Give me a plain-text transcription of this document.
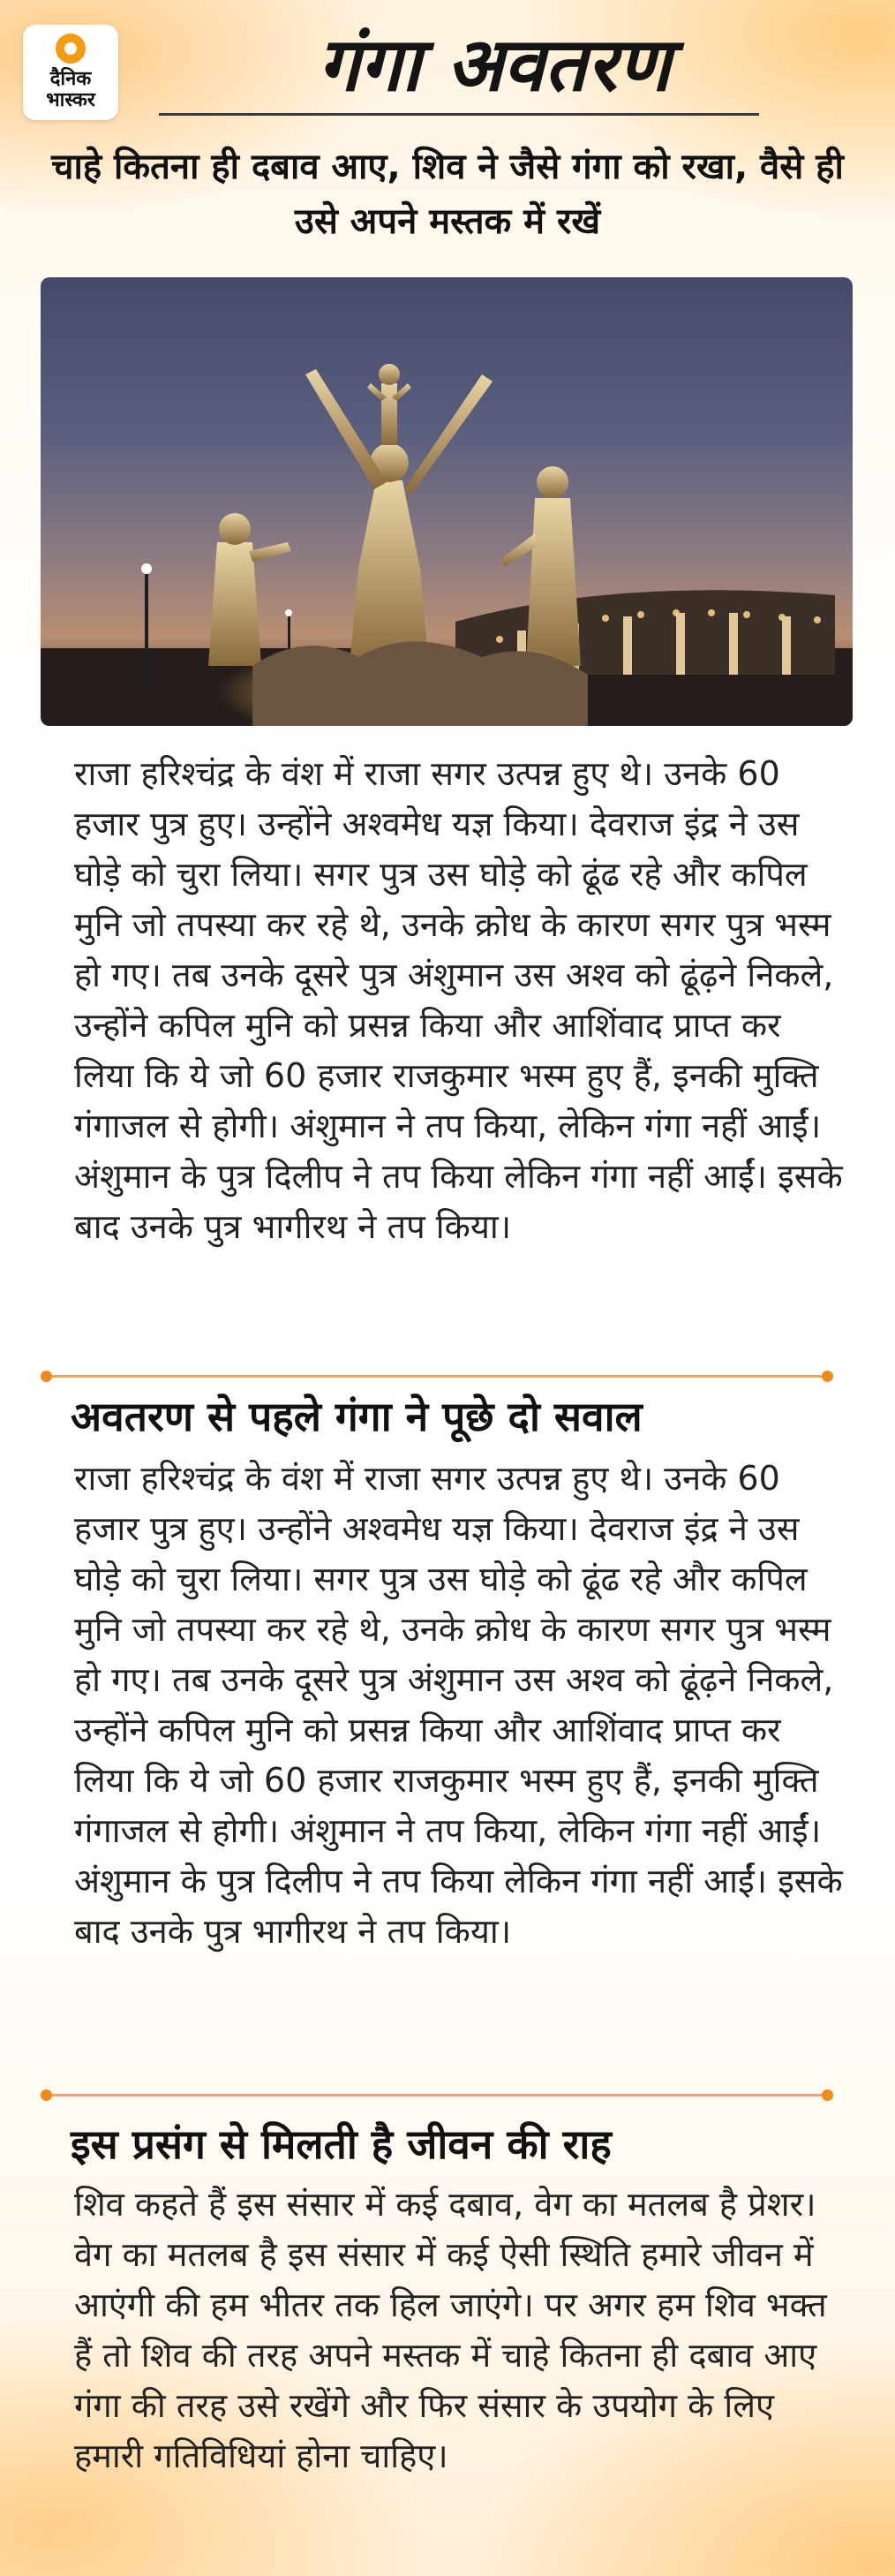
दैनिक
भास्कर	गंगा अवतरण

चाहे कितना ही दबाव आए, शिव ने जैसे गंगा को रखा, वैसे ही उसे अपने मस्तक में रखें

राजा हरिश्चंद्र के वंश में राजा सगर उत्पन्न हुए थे। उनके 60 हजार पुत्र हुए। उन्होंने अश्वमेध यज्ञ किया। देवराज इंद्र ने उस घोड़े को चुरा लिया। सगर पुत्र उस घोड़े को ढूंढ रहे और कपिल मुनि जो तपस्या कर रहे थे, उनके क्रोध के कारण सगर पुत्र भस्म हो गए। तब उनके दूसरे पुत्र अंशुमान उस अश्व को ढूंढ़ने निकले, उन्होंने कपिल मुनि को प्रसन्न किया और आशिंवाद प्राप्त कर लिया कि ये जो 60 हजार राजकुमार भस्म हुए हैं, इनकी मुक्ति गंगाजल से होगी। अंशुमान ने तप किया, लेकिन गंगा नहीं आईं। अंशुमान के पुत्र दिलीप ने तप किया लेकिन गंगा नहीं आईं। इसके बाद उनके पुत्र भागीरथ ने तप किया।

अवतरण से पहले गंगा ने पूछे दो सवाल

राजा हरिश्चंद्र के वंश में राजा सगर उत्पन्न हुए थे। उनके 60 हजार पुत्र हुए। उन्होंने अश्वमेध यज्ञ किया। देवराज इंद्र ने उस घोड़े को चुरा लिया। सगर पुत्र उस घोड़े को ढूंढ रहे और कपिल मुनि जो तपस्या कर रहे थे, उनके क्रोध के कारण सगर पुत्र भस्म हो गए। तब उनके दूसरे पुत्र अंशुमान उस अश्व को ढूंढ़ने निकले, उन्होंने कपिल मुनि को प्रसन्न किया और आशिंवाद प्राप्त कर लिया कि ये जो 60 हजार राजकुमार भस्म हुए हैं, इनकी मुक्ति गंगाजल से होगी। अंशुमान ने तप किया, लेकिन गंगा नहीं आईं। अंशुमान के पुत्र दिलीप ने तप किया लेकिन गंगा नहीं आईं। इसके बाद उनके पुत्र भागीरथ ने तप किया।

इस प्रसंग से मिलती है जीवन की राह

शिव कहते हैं इस संसार में कई दबाव, वेग का मतलब है प्रेशर। वेग का मतलब है इस संसार में कई ऐसी स्थिति हमारे जीवन में आएंगी की हम भीतर तक हिल जाएंगे। पर अगर हम शिव भक्त हैं तो शिव की तरह अपने मस्तक में चाहे कितना ही दबाव आए गंगा की तरह उसे रखेंगे और फिर संसार के उपयोग के लिए हमारी गतिविधियां होना चाहिए।
